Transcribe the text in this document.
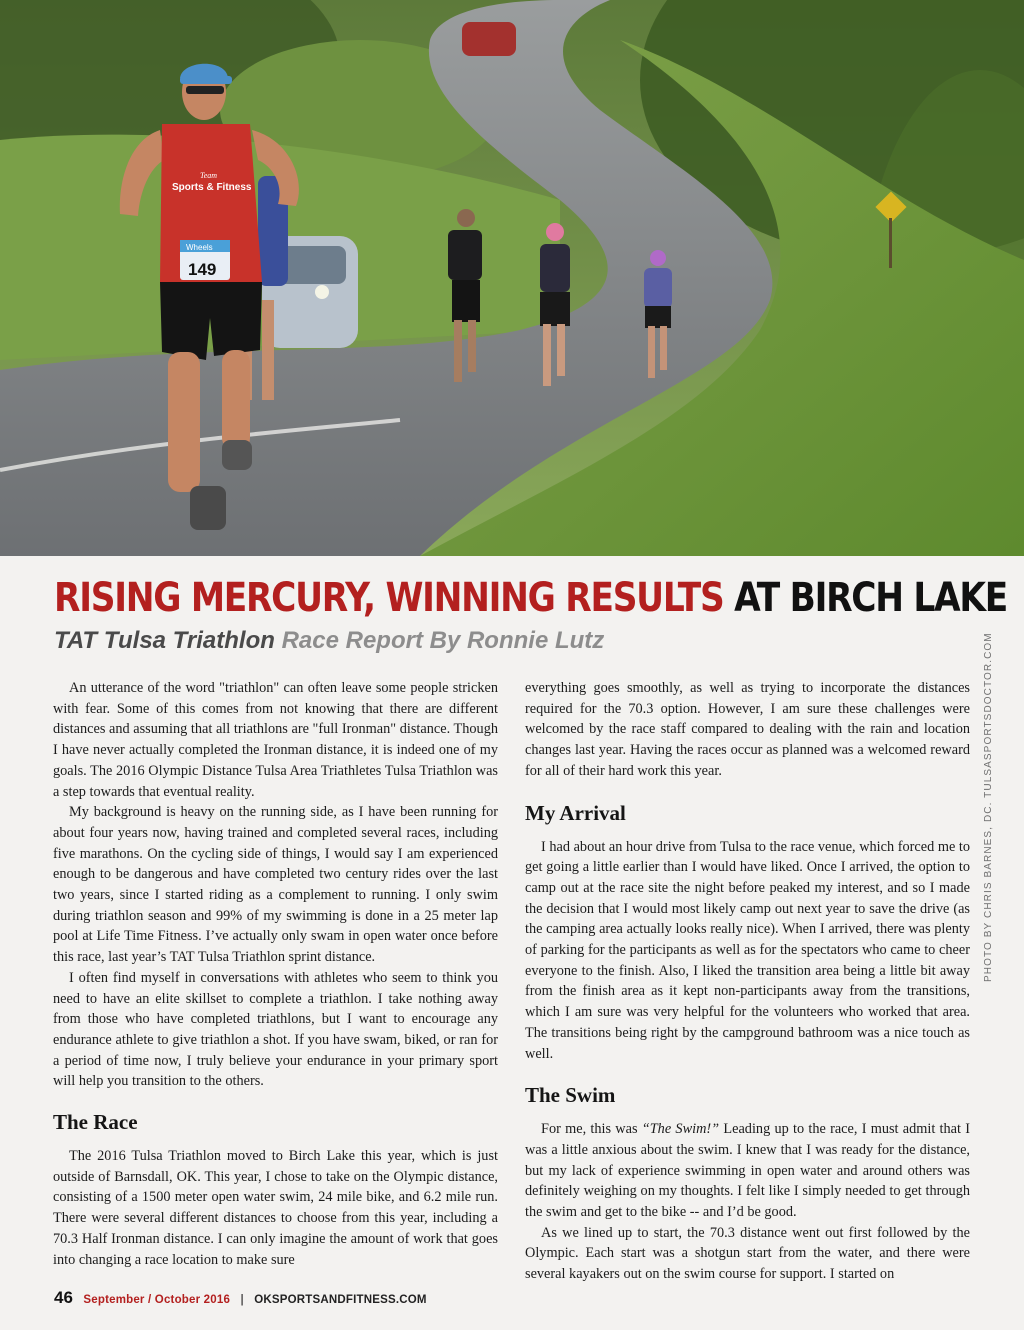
Sports & Fitness
Team
Wheels
149
RISING MERCURY, WINNING RESULTS AT BIRCH LAKE
TAT Tulsa Triathlon Race Report By Ronnie Lutz

An utterance of the word "triathlon" can often leave some people stricken with fear. Some of this comes from not knowing that there are different distances and assuming that all triathlons are "full Ironman" distance. Though I have never actually completed the Ironman distance, it is indeed one of my goals. The 2016 Olympic Distance Tulsa Area Triathletes Tulsa Triathlon was a step towards that eventual reality.

My background is heavy on the running side, as I have been running for about four years now, having trained and completed several races, including five marathons. On the cycling side of things, I would say I am experienced enough to be dangerous and have completed two century rides over the last two years, since I started riding as a complement to running. I only swim during triathlon season and 99% of my swimming is done in a 25 meter lap pool at Life Time Fitness. I’ve actually only swam in open water once before this race, last year’s TAT Tulsa Triathlon sprint distance.

I often find myself in conversations with athletes who seem to think you need to have an elite skillset to complete a triathlon. I take nothing away from those who have completed triathlons, but I want to encourage any endurance athlete to give triathlon a shot. If you have swam, biked, or ran for a period of time now, I truly believe your endurance in your primary sport will help you transition to the others.

The Race

The 2016 Tulsa Triathlon moved to Birch Lake this year, which is just outside of Barnsdall, OK. This year, I chose to take on the Olympic distance, consisting of a 1500 meter open water swim, 24 mile bike, and 6.2 mile run. There were several different distances to choose from this year, including a 70.3 Half Ironman distance. I can only imagine the amount of work that goes into changing a race location to make sure

everything goes smoothly, as well as trying to incorporate the distances required for the 70.3 option. However, I am sure these challenges were welcomed by the race staff compared to dealing with the rain and location changes last year. Having the races occur as planned was a welcomed reward for all of their hard work this year.

My Arrival

I had about an hour drive from Tulsa to the race venue, which forced me to get going a little earlier than I would have liked. Once I arrived, the option to camp out at the race site the night before peaked my interest, and so I made the decision that I would most likely camp out next year to save the drive (as the camping area actually looks really nice). When I arrived, there was plenty of parking for the participants as well as for the spectators who came to cheer everyone to the finish. Also, I liked the transition area being a little bit away from the finish area as it kept non-participants away from the transitions, which I am sure was very helpful for the volunteers who worked that area. The transitions being right by the campground bathroom was a nice touch as well.

The Swim

For me, this was “The Swim!” Leading up to the race, I must admit that I was a little anxious about the swim. I knew that I was ready for the distance, but my lack of experience swimming in open water and around others was definitely weighing on my thoughts. I felt like I simply needed to get through the swim and get to the bike -- and I’d be good.

As we lined up to start, the 70.3 distance went out first followed by the Olympic. Each start was a shotgun start from the water, and there were several kayakers out on the swim course for support. I started on

PHOTO BY CHRIS BARNES, DC. TULSASPORTSDOCTOR.COM
46 September / October 2016 | OKSPORTSANDFITNESS.COM
